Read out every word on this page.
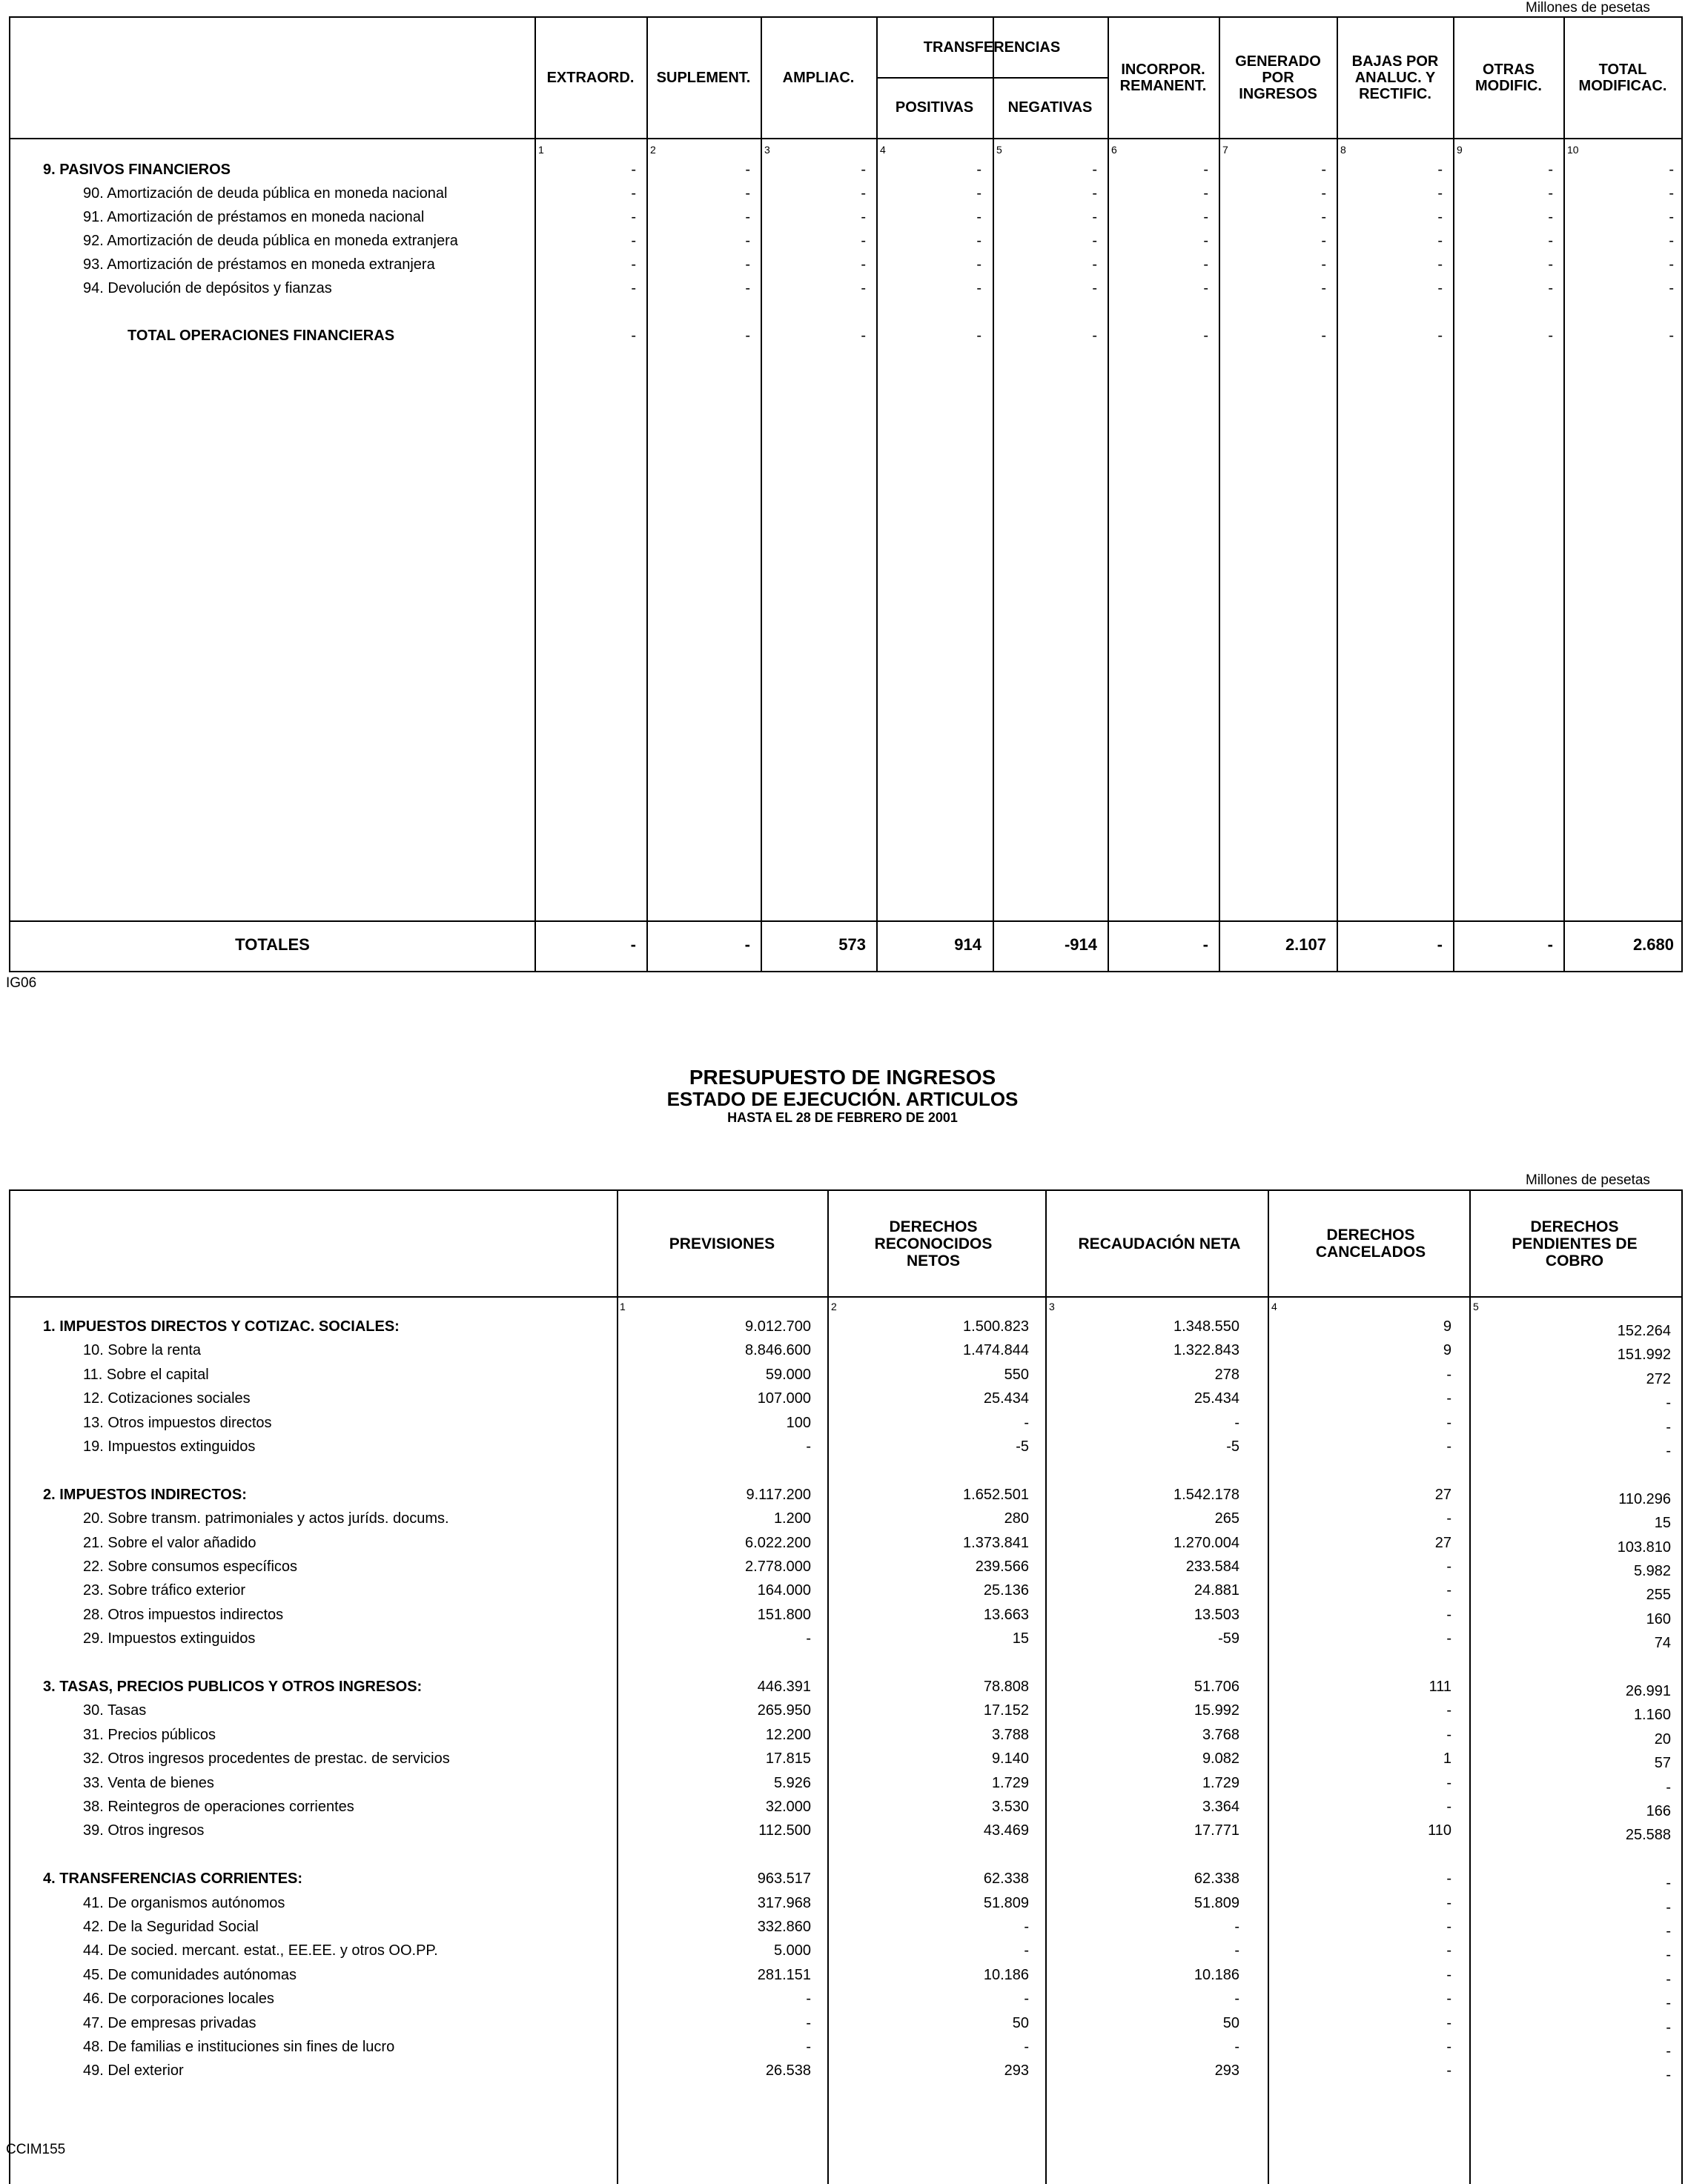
Millones de pesetas
EXTRAORD.	SUPLEMENT.	AMPLIAC.
TRANSFERENCIAS
POSITIVAS	NEGATIVAS
INCORPOR. REMANENT.
GENERADO POR INGRESOS
BAJAS POR ANALUC. Y RECTIFIC.
OTRAS MODIFIC.
TOTAL MODIFICAC.
1	2	3	4	5	6	7	8	9	10
9. PASIVOS FINANCIEROS	-	-	-	-	-	-	-	-	-	-
90. Amortización de deuda pública en moneda nacional	-	-	-	-	-	-	-	-	-	-
91. Amortización de préstamos en moneda nacional	-	-	-	-	-	-	-	-	-	-
92. Amortización de deuda pública en moneda extranjera	-	-	-	-	-	-	-	-	-	-
93. Amortización de préstamos en moneda extranjera	-	-	-	-	-	-	-	-	-	-
94. Devolución de depósitos y fianzas	-	-	-	-	-	-	-	-	-	-
TOTAL OPERACIONES FINANCIERAS	-	-	-	-	-	-	-	-	-	-
TOTALES	-	-	573	914	-914	-	2.107	-	-	2.680
IG06
PRESUPUESTO DE INGRESOS
ESTADO DE EJECUCIÓN. ARTICULOS
HASTA EL 28 DE FEBRERO DE 2001
Millones de pesetas
PREVISIONES
DERECHOS RECONOCIDOS NETOS
RECAUDACIÓN NETA	DERECHOS CANCELADOS
DERECHOS PENDIENTES DE COBRO
1	2	3	4	5
1. IMPUESTOS DIRECTOS Y COTIZAC. SOCIALES:	9.012.700	1.500.823	1.348.550	9	152.264
10. Sobre la renta	8.846.600	1.474.844	1.322.843	9	151.992
11. Sobre el capital	59.000	550	278	-	272
12. Cotizaciones sociales	107.000	25.434	25.434	-	-
13. Otros impuestos directos	100	-	-	-	-
19. Impuestos extinguidos	-	-5	-5	-	-
2. IMPUESTOS INDIRECTOS:	9.117.200	1.652.501	1.542.178	27	110.296
20. Sobre transm. patrimoniales y actos juríds. docums.	1.200	280	265	-	15
21. Sobre el valor añadido	6.022.200	1.373.841	1.270.004	27	103.810
22. Sobre consumos específicos	2.778.000	239.566	233.584	-	5.982
23. Sobre tráfico exterior	164.000	25.136	24.881	-	255
28. Otros impuestos indirectos	151.800	13.663	13.503	-	160
29. Impuestos extinguidos	-	15	-59	-	74
3. TASAS, PRECIOS PUBLICOS Y OTROS INGRESOS:	446.391	78.808	51.706	111	26.991
30. Tasas	265.950	17.152	15.992	-	1.160
31. Precios públicos	12.200	3.788	3.768	-	20
32. Otros ingresos procedentes de prestac. de servicios	17.815	9.140	9.082	1	57
33. Venta de bienes	5.926	1.729	1.729	-	-
38. Reintegros de operaciones corrientes	32.000	3.530	3.364	-	166
39. Otros ingresos	112.500	43.469	17.771	110	25.588
4. TRANSFERENCIAS CORRIENTES:	963.517	62.338	62.338	-	-
41. De organismos autónomos	317.968	51.809	51.809	-	-
42. De la Seguridad Social	332.860	-	-	-	-
44. De socied. mercant. estat., EE.EE. y otros OO.PP.	5.000	-	-	-	-
45. De comunidades autónomas	281.151	10.186	10.186	-	-
46. De corporaciones locales	-	-	-	-	-
47. De empresas privadas	-	50	50	-	-
48. De familias e instituciones sin fines de lucro	-	-	-	-	-
49. Del exterior	26.538	293	293	-	-
CCIM155
